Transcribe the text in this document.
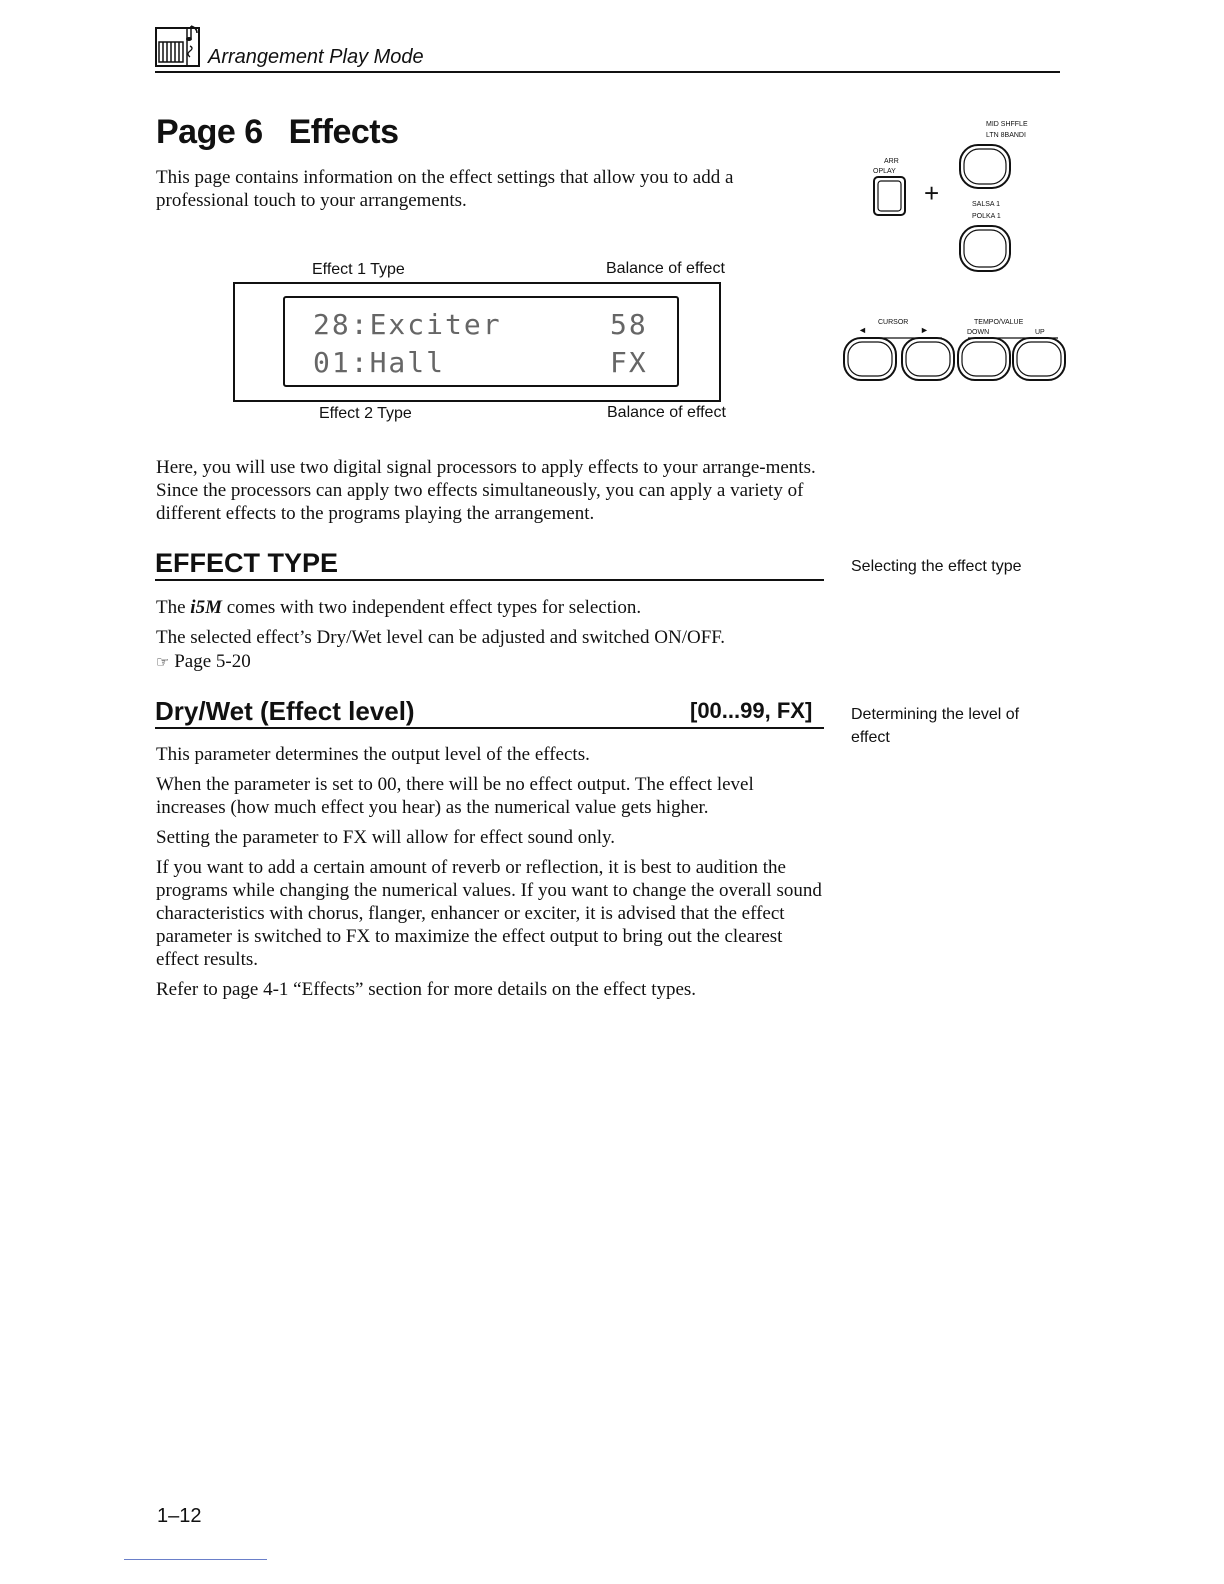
Arrangement Play Mode
Page 6 Effects

This page contains information on the effect settings that allow you to add a professional touch to your arrangements.

Effect 1 Type	Balance of effect
28:Exciter	58
01:Hall	FX
Effect 2 Type	Balance of effect
MID SHFFLE
LTN 8BANDI
ARR
OPLAY
SALSA 1
POLKA 1
CURSOR	TEMPO/VALUE
DOWN	UP
◄	►
+

Here, you will use two digital signal processors to apply effects to your arrange-ments. Since the processors can apply two effects simultaneously, you can apply a variety of different effects to the programs playing the arrangement.

EFFECT TYPE	Selecting the effect type

The i5M comes with two independent effect types for selection.

The selected effect’s Dry/Wet level can be adjusted and switched ON/OFF.

☞ Page 5-20

Dry/Wet (Effect level)	[00...99, FX] Determining the level of effect

This parameter determines the output level of the effects.

When the parameter is set to 00, there will be no effect output. The effect level increases (how much effect you hear) as the numerical value gets higher.

Setting the parameter to FX will allow for effect sound only.

If you want to add a certain amount of reverb or reflection, it is best to audition the programs while changing the numerical values. If you want to change the overall sound characteristics with chorus, flanger, enhancer or exciter, it is advised that the effect parameter is switched to FX to maximize the effect output to bring out the clearest effect results.

Refer to page 4-1 “Effects” section for more details on the effect types.

1–12
